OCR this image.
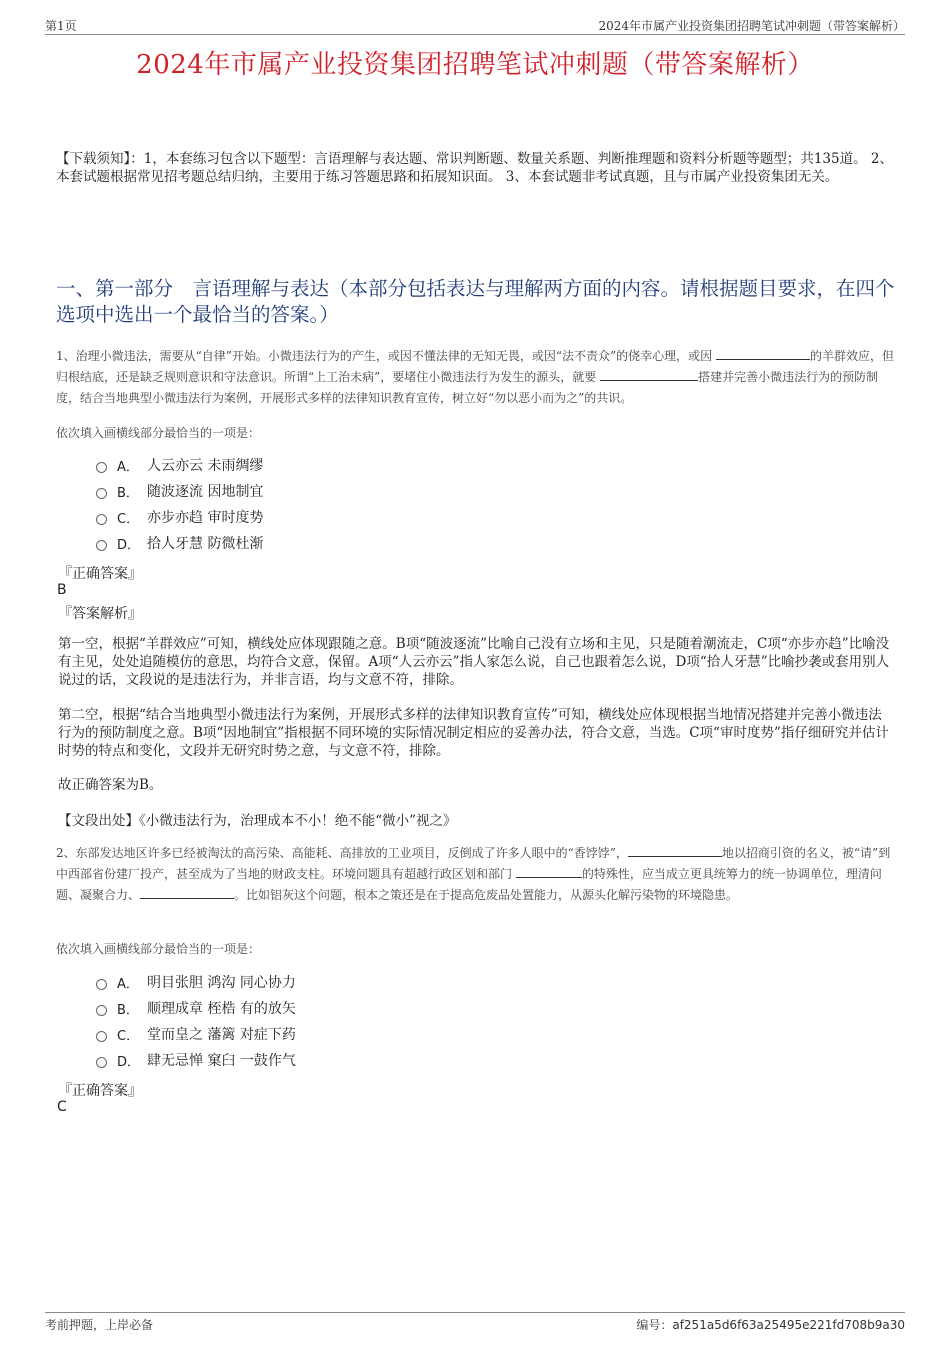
第1页	2024年市属产业投资集团招聘笔试冲刺题（带答案解析）
2024年市属产业投资集团招聘笔试冲刺题（带答案解析）
【下载须知】：1，本套练习包含以下题型：言语理解与表达题、常识判断题、数量关系题、判断推理题和资料分析题等题型；共135道。 2、本套试题根据常见招考题总结归纳，主要用于练习答题思路和拓展知识面。 3、本套试题非考试真题，且与市属产业投资集团无关。
一、第一部分　言语理解与表达（本部分包括表达与理解两方面的内容。请根据题目要求，在四个选项中选出一个最恰当的答案。）
1、治理小微违法，需要从“自律”开始。小微违法行为的产生，或因不懂法律的无知无畏，或因“法不责众”的侥幸心理，或因	的羊群效应，但归根结底，还是缺乏规则意识和守法意识。所谓“上工治未病”，要堵住小微违法行为发生的源头，就要	搭建并完善小微违法行为的预防制度，结合当地典型小微违法行为案例，开展形式多样的法律知识教育宣传，树立好“勿以恶小而为之”的共识。
依次填入画横线部分最恰当的一项是：
A． 人云亦云 未雨绸缪
B． 随波逐流 因地制宜
C． 亦步亦趋 审时度势
D． 拾人牙慧 防微杜渐
『正确答案』
B
『答案解析』
第一空，根据“羊群效应”可知，横线处应体现跟随之意。B项“随波逐流”比喻自己没有立场和主见，只是随着潮流走，C项“亦步亦趋”比喻没有主见，处处追随模仿的意思，均符合文意，保留。A项“人云亦云”指人家怎么说，自己也跟着怎么说，D项“拾人牙慧”比喻抄袭或套用别人说过的话，文段说的是违法行为，并非言语，均与文意不符，排除。
第二空，根据“结合当地典型小微违法行为案例，开展形式多样的法律知识教育宣传”可知，横线处应体现根据当地情况搭建并完善小微违法行为的预防制度之意。B项“因地制宜”指根据不同环境的实际情况制定相应的妥善办法，符合文意，当选。C项“审时度势”指仔细研究并估计时势的特点和变化，文段并无研究时势之意，与文意不符，排除。
故正确答案为B。
【文段出处】《小微违法行为，治理成本不小！绝不能“微小”视之》
2、东部发达地区许多已经被淘汰的高污染、高能耗、高排放的工业项目，反倒成了许多人眼中的“香饽饽”，	地以招商引资的名义，被“请”到中西部省份建厂投产，甚至成为了当地的财政支柱。环境问题具有超越行政区划和部门	的特殊性，应当成立更具统筹力的统一协调单位，理清问题、凝聚合力、	。比如铝灰这个问题，根本之策还是在于提高危废品处置能力，从源头化解污染物的环境隐患。
依次填入画横线部分最恰当的一项是：
A． 明目张胆 鸿沟 同心协力
B． 顺理成章 桎梏 有的放矢
C． 堂而皇之 藩篱 对症下药
D． 肆无忌惮 窠臼 一鼓作气
『正确答案』
C
考前押题，上岸必备	编号：af251a5d6f63a25495e221fd708b9a30
